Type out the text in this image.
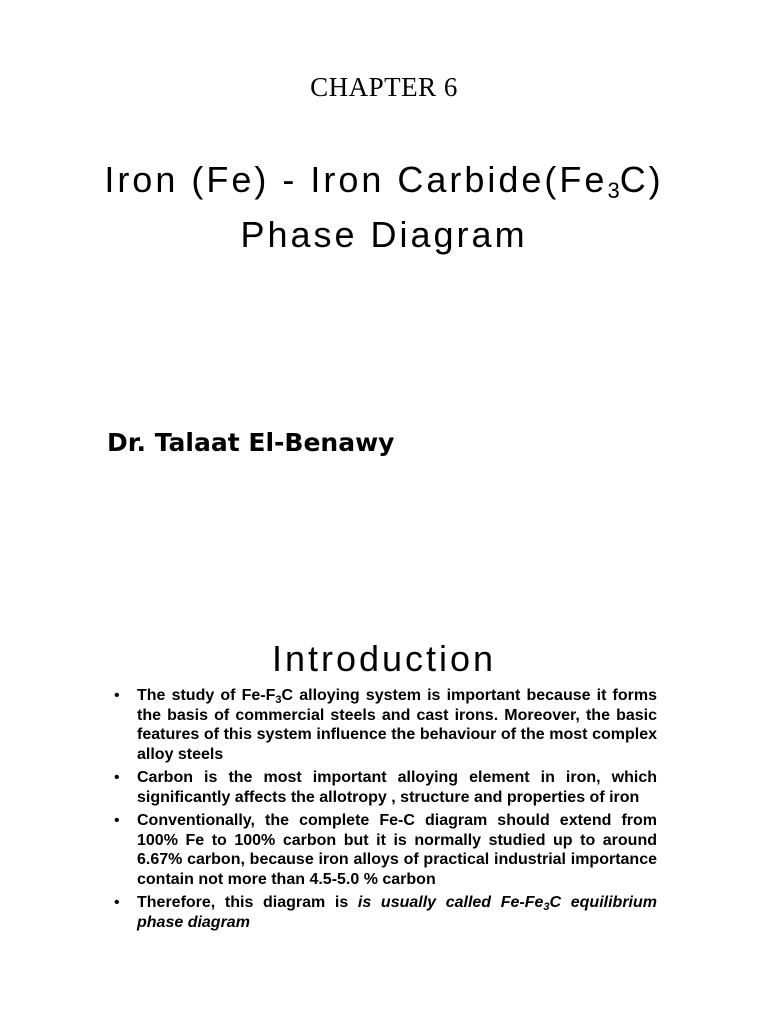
CHAPTER 6
Iron (Fe) - Iron $Carbide(Fe_3C)$
Phase Diagram
Dr. Talaat El-Benawy
Introduction
• The study of $Fe-F_3C$ alloying system is important because it forms the basis of commercial steels and cast irons. Moreover, the basic features of this system influence the behaviour of the most complex alloy steels
• Carbon is the most important alloying element in iron, which significantly affects the allotropy , structure and properties of iron
• Conventionally, the complete Fe-C diagram should extend from 100% Fe to 100% carbon but it is normally studied up to around 6.67% carbon, because iron alloys of practical industrial importance contain not more than 4.5-5.0 % carbon
• Therefore, this diagram is is usually called $Fe-Fe_3C$ equilibrium phase diagram
